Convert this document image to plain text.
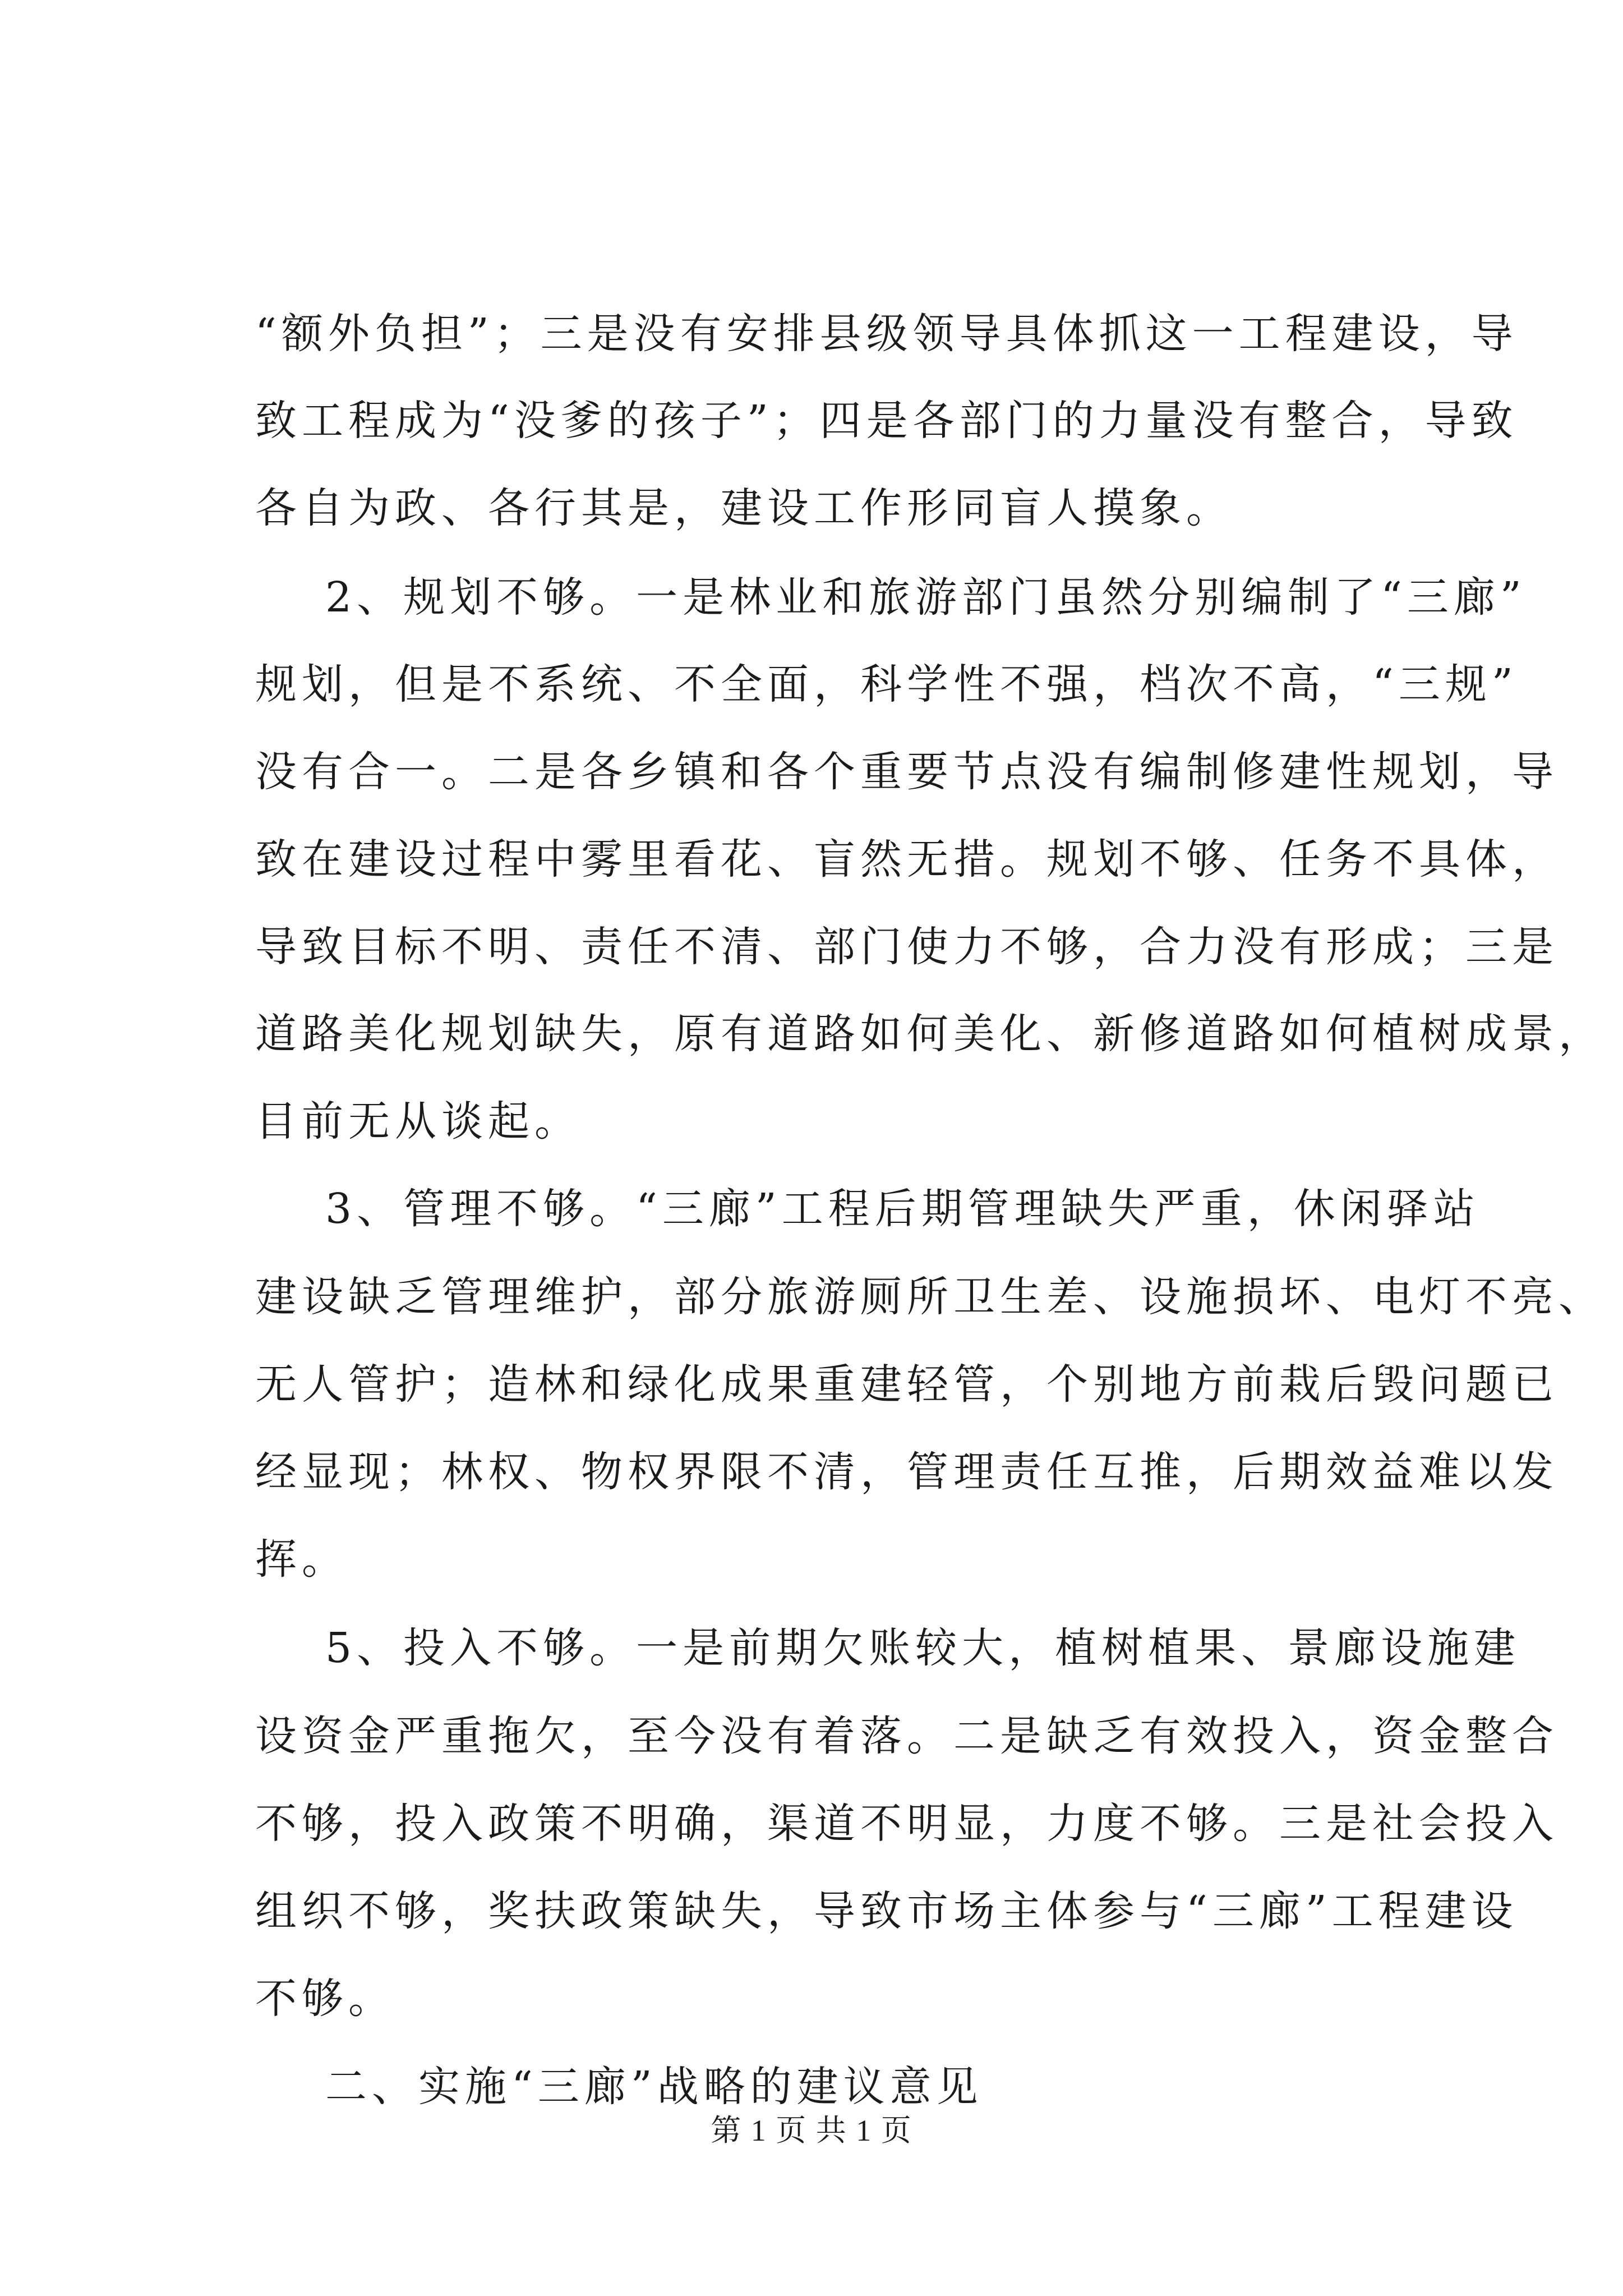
“额外负担”；三是没有安排县级领导具体抓这一工程建设，导
致工程成为“没爹的孩子”；四是各部门的力量没有整合，导致
各自为政、各行其是，建设工作形同盲人摸象。
2、规划不够。一是林业和旅游部门虽然分别编制了“三廊”
规划，但是不系统、不全面，科学性不强，档次不高，“三规”
没有合一。二是各乡镇和各个重要节点没有编制修建性规划，导
致在建设过程中雾里看花、盲然无措。规划不够、任务不具体，
导致目标不明、责任不清、部门使力不够，合力没有形成；三是
道路美化规划缺失，原有道路如何美化、新修道路如何植树成景，
目前无从谈起。
3、管理不够。“三廊”工程后期管理缺失严重，休闲驿站
建设缺乏管理维护，部分旅游厕所卫生差、设施损坏、电灯不亮、
无人管护；造林和绿化成果重建轻管，个别地方前栽后毁问题已
经显现；林权、物权界限不清，管理责任互推，后期效益难以发
挥。
5、投入不够。一是前期欠账较大，植树植果、景廊设施建
设资金严重拖欠，至今没有着落。二是缺乏有效投入，资金整合
不够，投入政策不明确，渠道不明显，力度不够。三是社会投入
组织不够，奖扶政策缺失，导致市场主体参与“三廊”工程建设
不够。
二、实施“三廊”战略的建议意见
第 1 页 共 1 页
